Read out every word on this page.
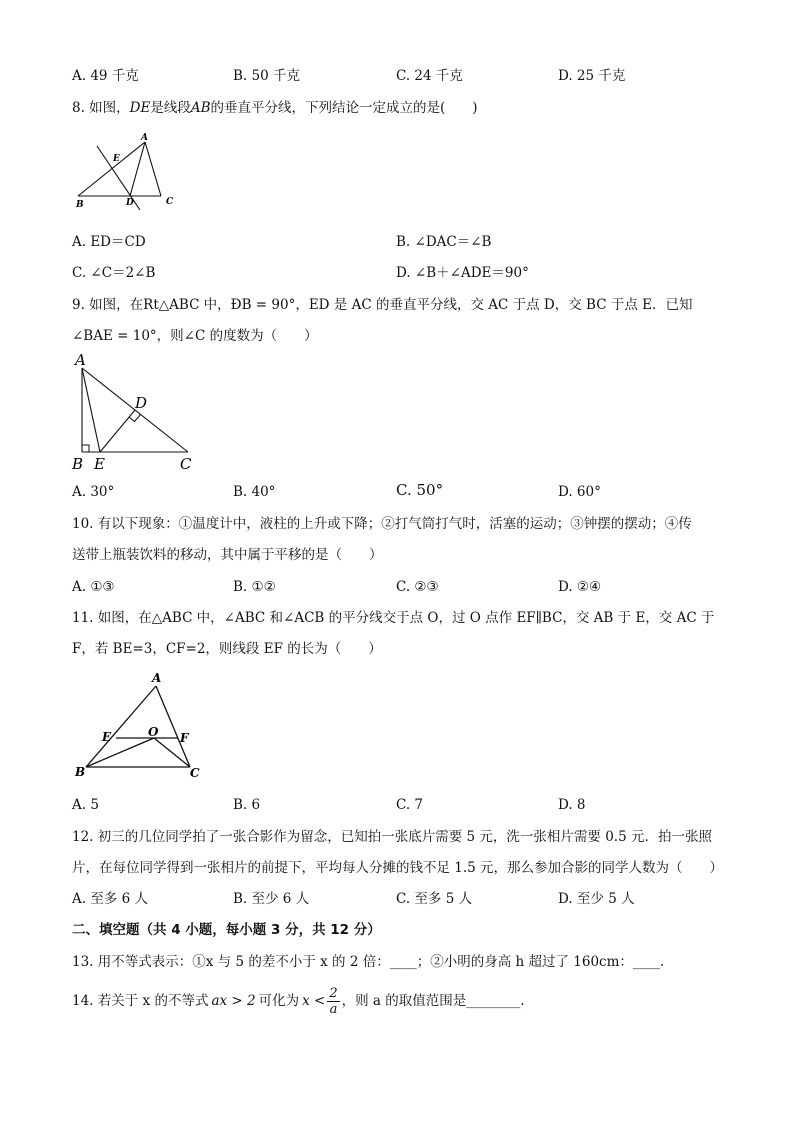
A. 49 千克	B. 50 千克	C. 24 千克	D. 25 千克
8. 如图，DE是线段AB的垂直平分线，下列结论一定成立的是(　　)
A
E
B	D	C
A. ED＝CD	B. ∠DAC＝∠B
C. ∠C＝2∠B	D. ∠B＋∠ADE＝90°
9. 如图，在Rt△ABC 中，ÐB = 90°，ED 是 AC 的垂直平分线，交 AC 于点 D，交 BC 于点 E．已知
∠BAE = 10°，则∠C 的度数为（　　）
A
D
B E	C
A. 30°	B. 40°	C. 50°	D. 60°
10. 有以下现象：①温度计中，液柱的上升或下降；②打气筒打气时，活塞的运动；③钟摆的摆动；④传
送带上瓶装饮料的移动，其中属于平移的是（　　）
A. ①③	B. ①②	C. ②③	D. ②④
11. 如图，在△ABC 中，∠ABC 和∠ACB 的平分线交于点 O，过 O 点作 EF∥BC，交 AB 于 E，交 AC 于
F，若 BE=3，CF=2，则线段 EF 的长为（　　）
A
E	O F
B	C
A. 5	B. 6	C. 7	D. 8
12. 初三的几位同学拍了一张合影作为留念，已知拍一张底片需要 5 元，洗一张相片需要 0.5 元．拍一张照
片，在每位同学得到一张相片的前提下，平均每人分摊的钱不足 1.5 元，那么参加合影的同学人数为（　　）
A. 至多 6 人	B. 至少 6 人	C. 至多 5 人	D. 至少 5 人
二、填空题（共 4 小题，每小题 3 分，共 12 分）
13. 用不等式表示：①x 与 5 的差不小于 x 的 2 倍：____；②小明的身高 h 超过了 160cm：____.
14. 若关于 x 的不等式 ax > 2 可化为 $x < \frac{2}{a}$ ，则 a 的取值范围是________.
